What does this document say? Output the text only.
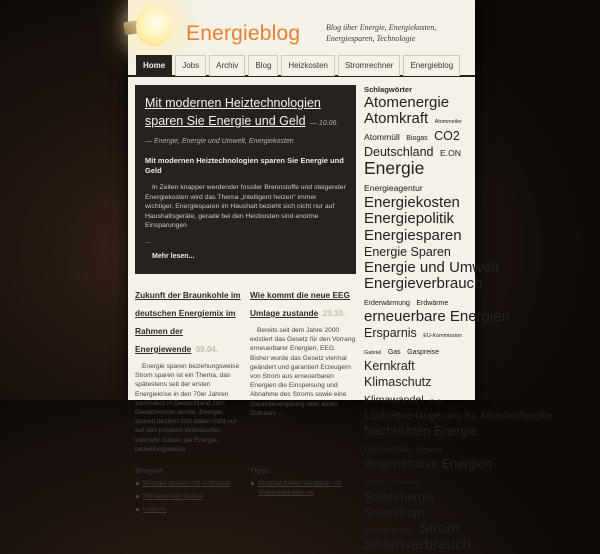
Energieblog	Blog über Energie, Energiekosten, Energiesparen, Technologie
Home Jobs Archiv Blog Heizkosten Stromrechner Energieblog
Mit modernen Heiztechnologien sparen Sie Energie und Geld — 10.06. — Energie, Energie und Umwelt, Energiekosten
Mit modernen Heiztechnologien sparen Sie Energie und Geld
In Zeiten knapper werdender fossiler Brennstoffe und steigender Energiekosten wird das Thema „intelligent heizen“ immer wichtiger. Energiesparen im Haushalt bezieht sich nicht nur auf Haushaltsgeräte, gerade bei den Heizkosten sind enorme Einsparungen
...
Mehr lesen...
Zukunft der Braunkohle im deutschen Energiemix im Rahmen der Energiewende 09.04.
Energie sparen beziehungsweise Strom sparen ist ein Thema, das spätestens seit der ersten Energiekrise in den 70er Jahren zumindest in Deutschland zum Dauerbrenner wurde. Energie sparen bezieht sich dabei nicht nur auf den privaten Verbraucher, vielmehr rücken die Energie-beziehungsweise ...
Wie kommt die neue EEG Umlage zustande 23.10.
Bereits seit dem Jahre 2000 existiert das Gesetz für den Vorrang erneuerbarer Energien, EEG. Bisher wurde das Gesetz viermal geändert und garantiert Erzeugern von Strom aus erneuerbaren Energien die Einspeisung und Abnahme des Stroms sowie eine Garantievergütung über einen Zeitraum ...
Blogroll
Energie sparen mit Grünspar
Klimawandel Global
Logistik
Tipps
Stromanbieter Vergleich mit Wechselpiraten.de
Schlagwörter
Atomenergie Atomkraft Atommeiler Atommüll Biogas CO2 Deutschland E.ON Energie Energieagentur Energiekosten Energiepolitik Energiesparen Energie Sparen Energie und Umwelt Energieverbrauch Erderwärmung Erdwärme erneuerbare Energien Ersparnis EU-Kommission Gabriel Gas Gaspreise Kernkraft Klimaschutz Klimawandel Krebs Laufzeitverlängerung für Atomkraftwerke Nachrichten Energie Photovoltaik Reaktor Regenerative Energien Rückblick Slowenien Solarenergie Solarstrom Solarthermie Strom Stromverbrauch
